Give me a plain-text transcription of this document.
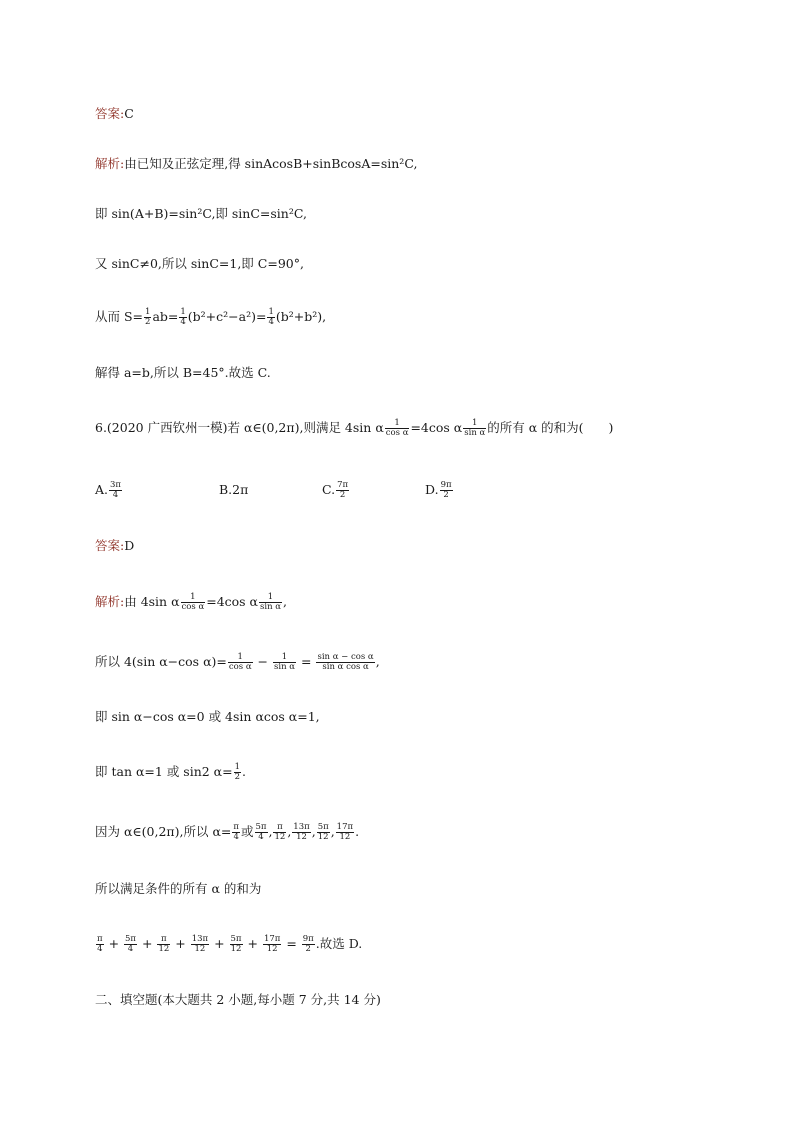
答案:C
解析:由已知及正弦定理,得 sinAcosB+sinBcosA=sin²C,
即 sin(A+B)=sin²C,即 sinC=sin²C,
又 sinC≠0,所以 sinC=1,即 C=90°,
从而 $S= \frac{1}{2} ab= \frac{1}{4} (b^2+c^2-a^2)= \frac{1}{4} (b^2+b^2)$,
解得 a=b,所以 B=45°.故选 C.
6.(2020 广西钦州一模)若 α∈(0,2π),则满足 4sin α $\frac{1}{\text{cos α}} =4\cos$ α $\frac{1}{\text{sin α}}$ 的所有 α 的和为(　　)
A. $\frac{3\pi}{4}$	B.2π	C. $\frac{7\pi}{2}$	D. $\frac{9\pi}{2}$
答案:D
解析:由 4sin α $\frac{1}{\text{cos α}} =4\cos$ α $\frac{1}{\text{sin α}}$ ,
所以 4(sin α−cos $\alpha)= \frac{1}{\text{cos α}} - \frac{1}{\text{sin α}} = \frac{\text{sin α − cos α}}{\text{sin α cos α}}$ ,
即 sin α−cos α=0 或 4sin αcos α=1,
即 tan α=1 或 sin2 $\alpha= \frac{1}{2}$ .
因为 α∈(0,2π),所以 $\alpha= \frac{\pi}{4}$ 或 $\frac{5\pi}{4}$ , $\frac{\pi}{12}$ , $\frac{13\pi}{12}$ , $\frac{5\pi}{12}$ , $\frac{17\pi}{12}$ .
所以满足条件的所有 α 的和为
$\frac{\pi}{4} + \frac{5\pi}{4} + \frac{\pi}{12} + \frac{13\pi}{12} + \frac{5\pi}{12} + \frac{17\pi}{12} = \frac{9\pi}{2}$ .故选 D.
二、填空题(本大题共 2 小题,每小题 7 分,共 14 分)
